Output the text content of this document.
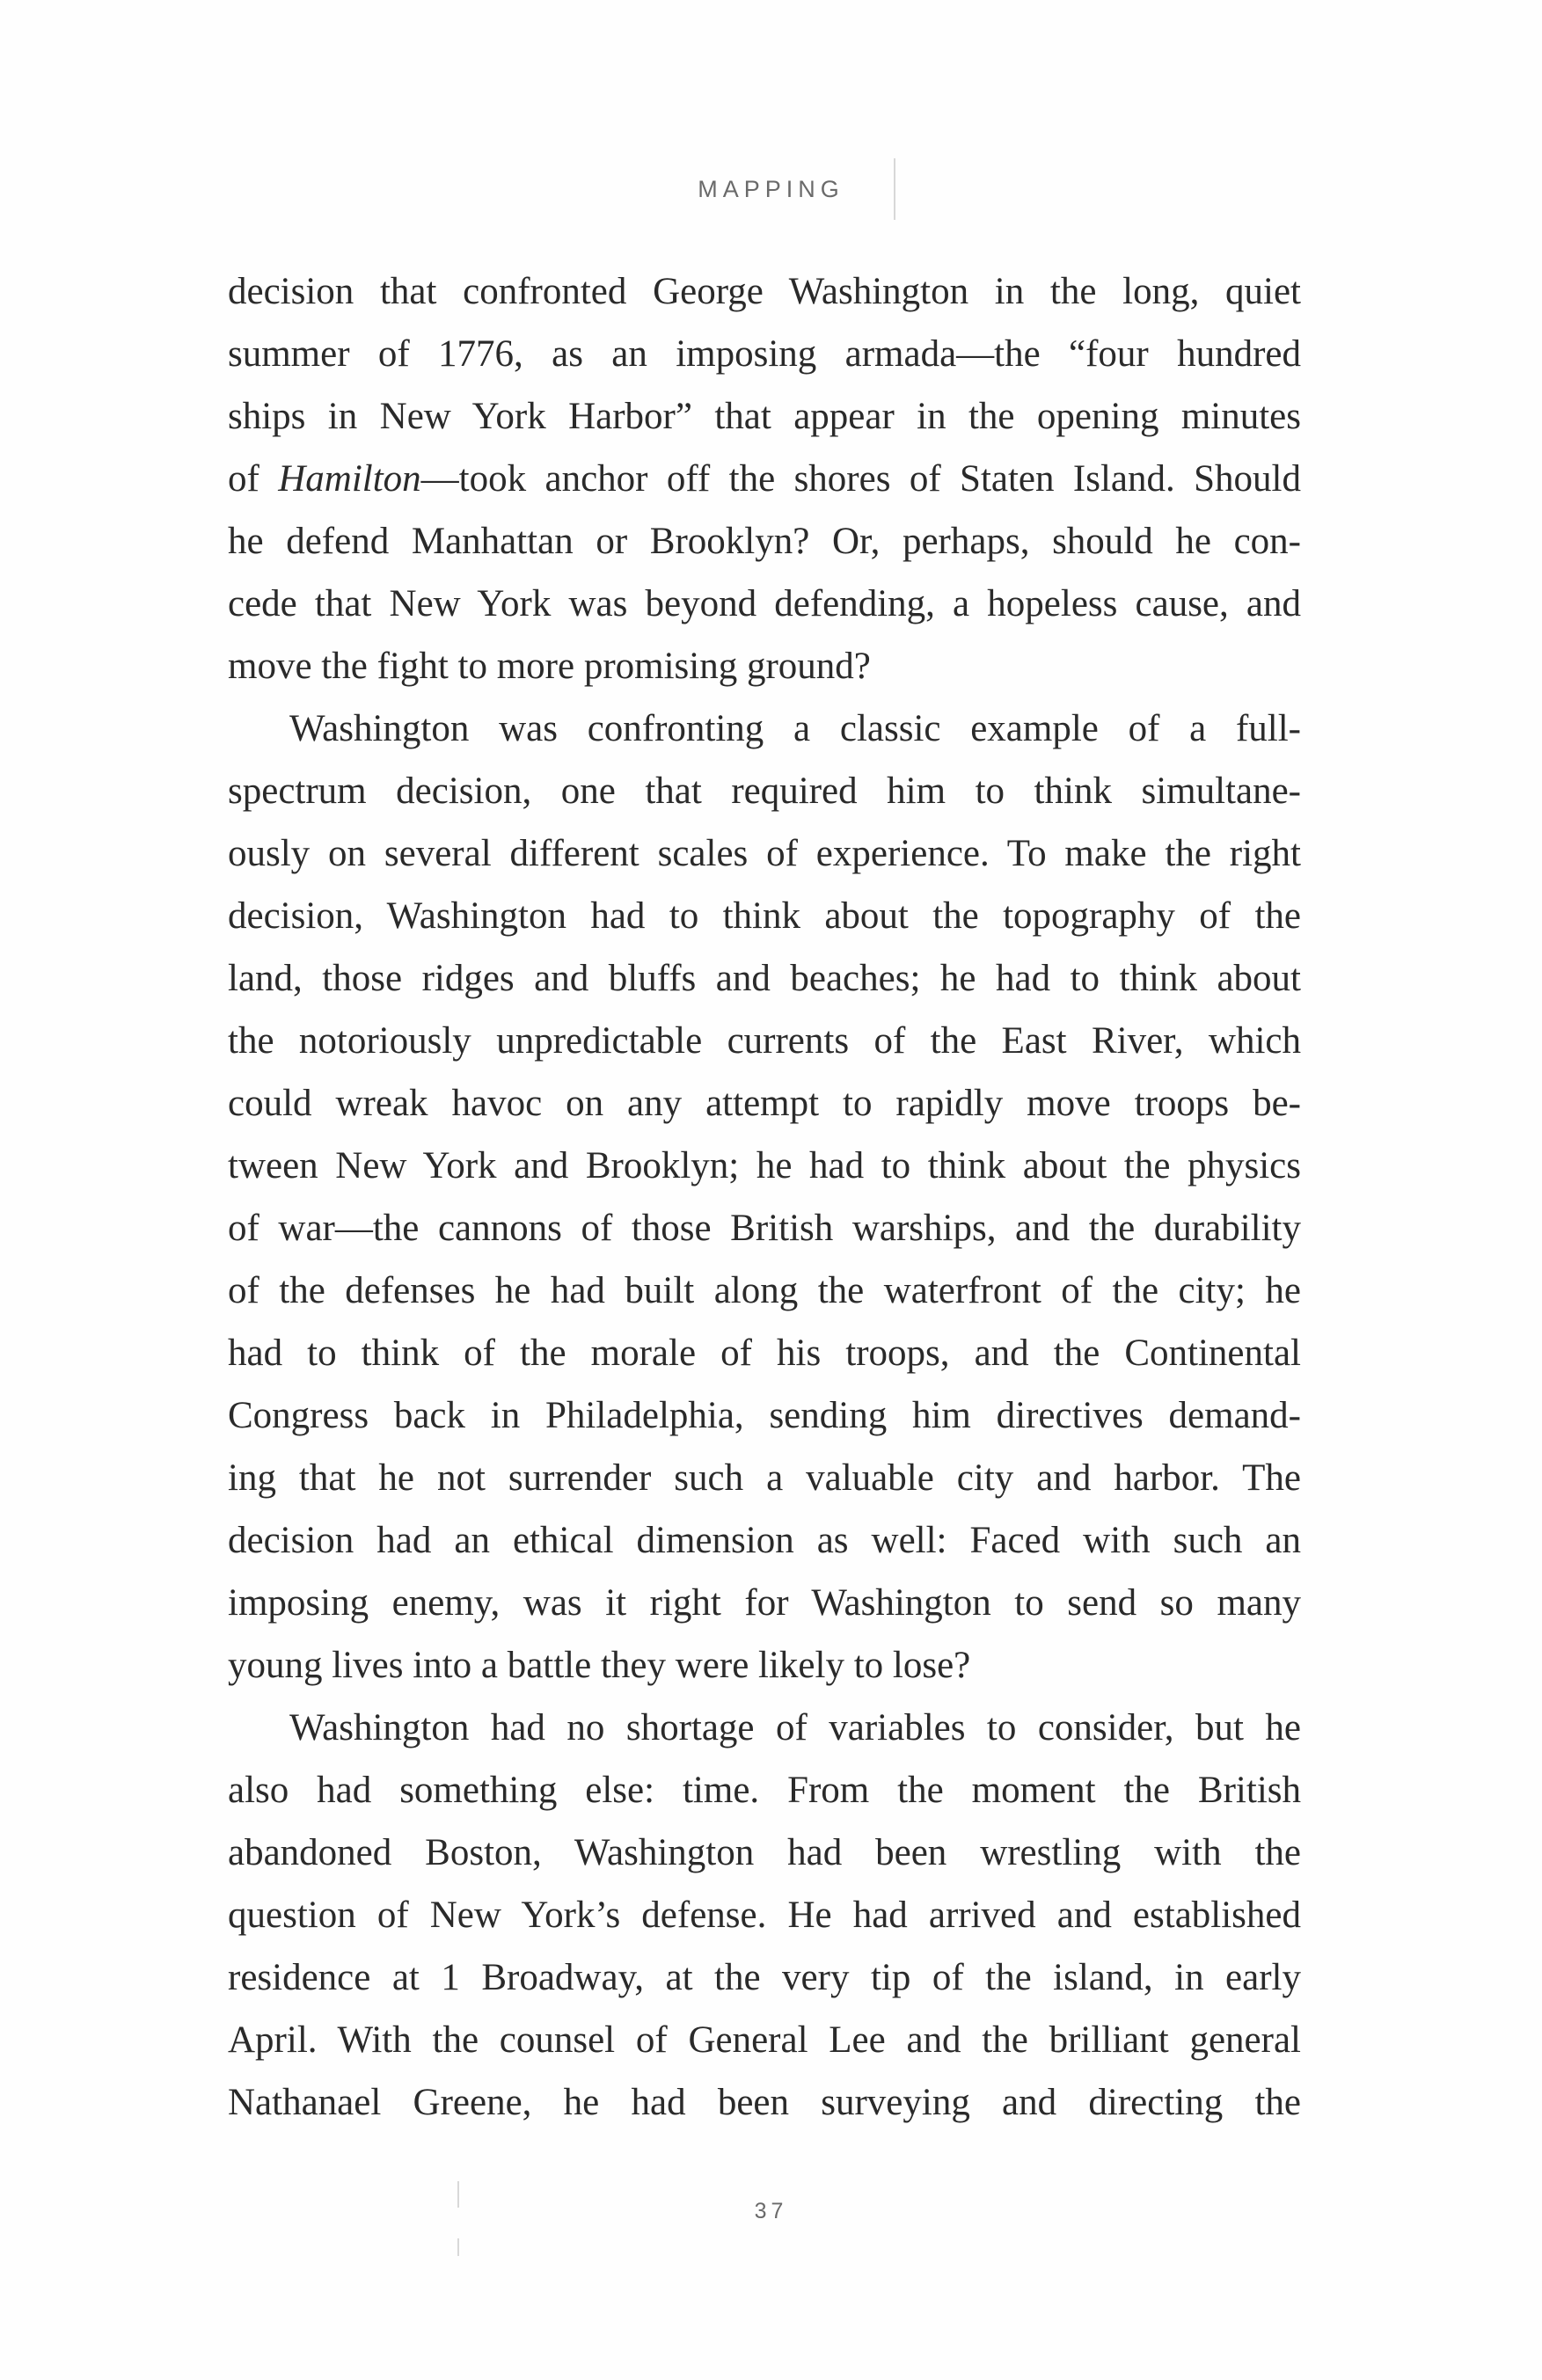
MAPPING
decision that confronted George Washington in the long, quiet
summer of 1776, as an imposing armada—the “four hundred
ships in New York Harbor” that appear in the opening minutes
of Hamilton—took anchor off the shores of Staten Island. Should
he defend Manhattan or Brooklyn? Or, perhaps, should he con-
cede that New York was beyond defending, a hopeless cause, and
move the fight to more promising ground?
Washington was confronting a classic example of a full-
spectrum decision, one that required him to think simultane-
ously on several different scales of experience. To make the right
decision, Washington had to think about the topography of the
land, those ridges and bluffs and beaches; he had to think about
the notoriously unpredictable currents of the East River, which
could wreak havoc on any attempt to rapidly move troops be-
tween New York and Brooklyn; he had to think about the physics
of war—the cannons of those British warships, and the durability
of the defenses he had built along the waterfront of the city; he
had to think of the morale of his troops, and the Continental
Congress back in Philadelphia, sending him directives demand-
ing that he not surrender such a valuable city and harbor. The
decision had an ethical dimension as well: Faced with such an
imposing enemy, was it right for Washington to send so many
young lives into a battle they were likely to lose?
Washington had no shortage of variables to consider, but he
also had something else: time. From the moment the British
abandoned Boston, Washington had been wrestling with the
question of New York’s defense. He had arrived and established
residence at 1 Broadway, at the very tip of the island, in early
April. With the counsel of General Lee and the brilliant general
Nathanael Greene, he had been surveying and directing the
37
